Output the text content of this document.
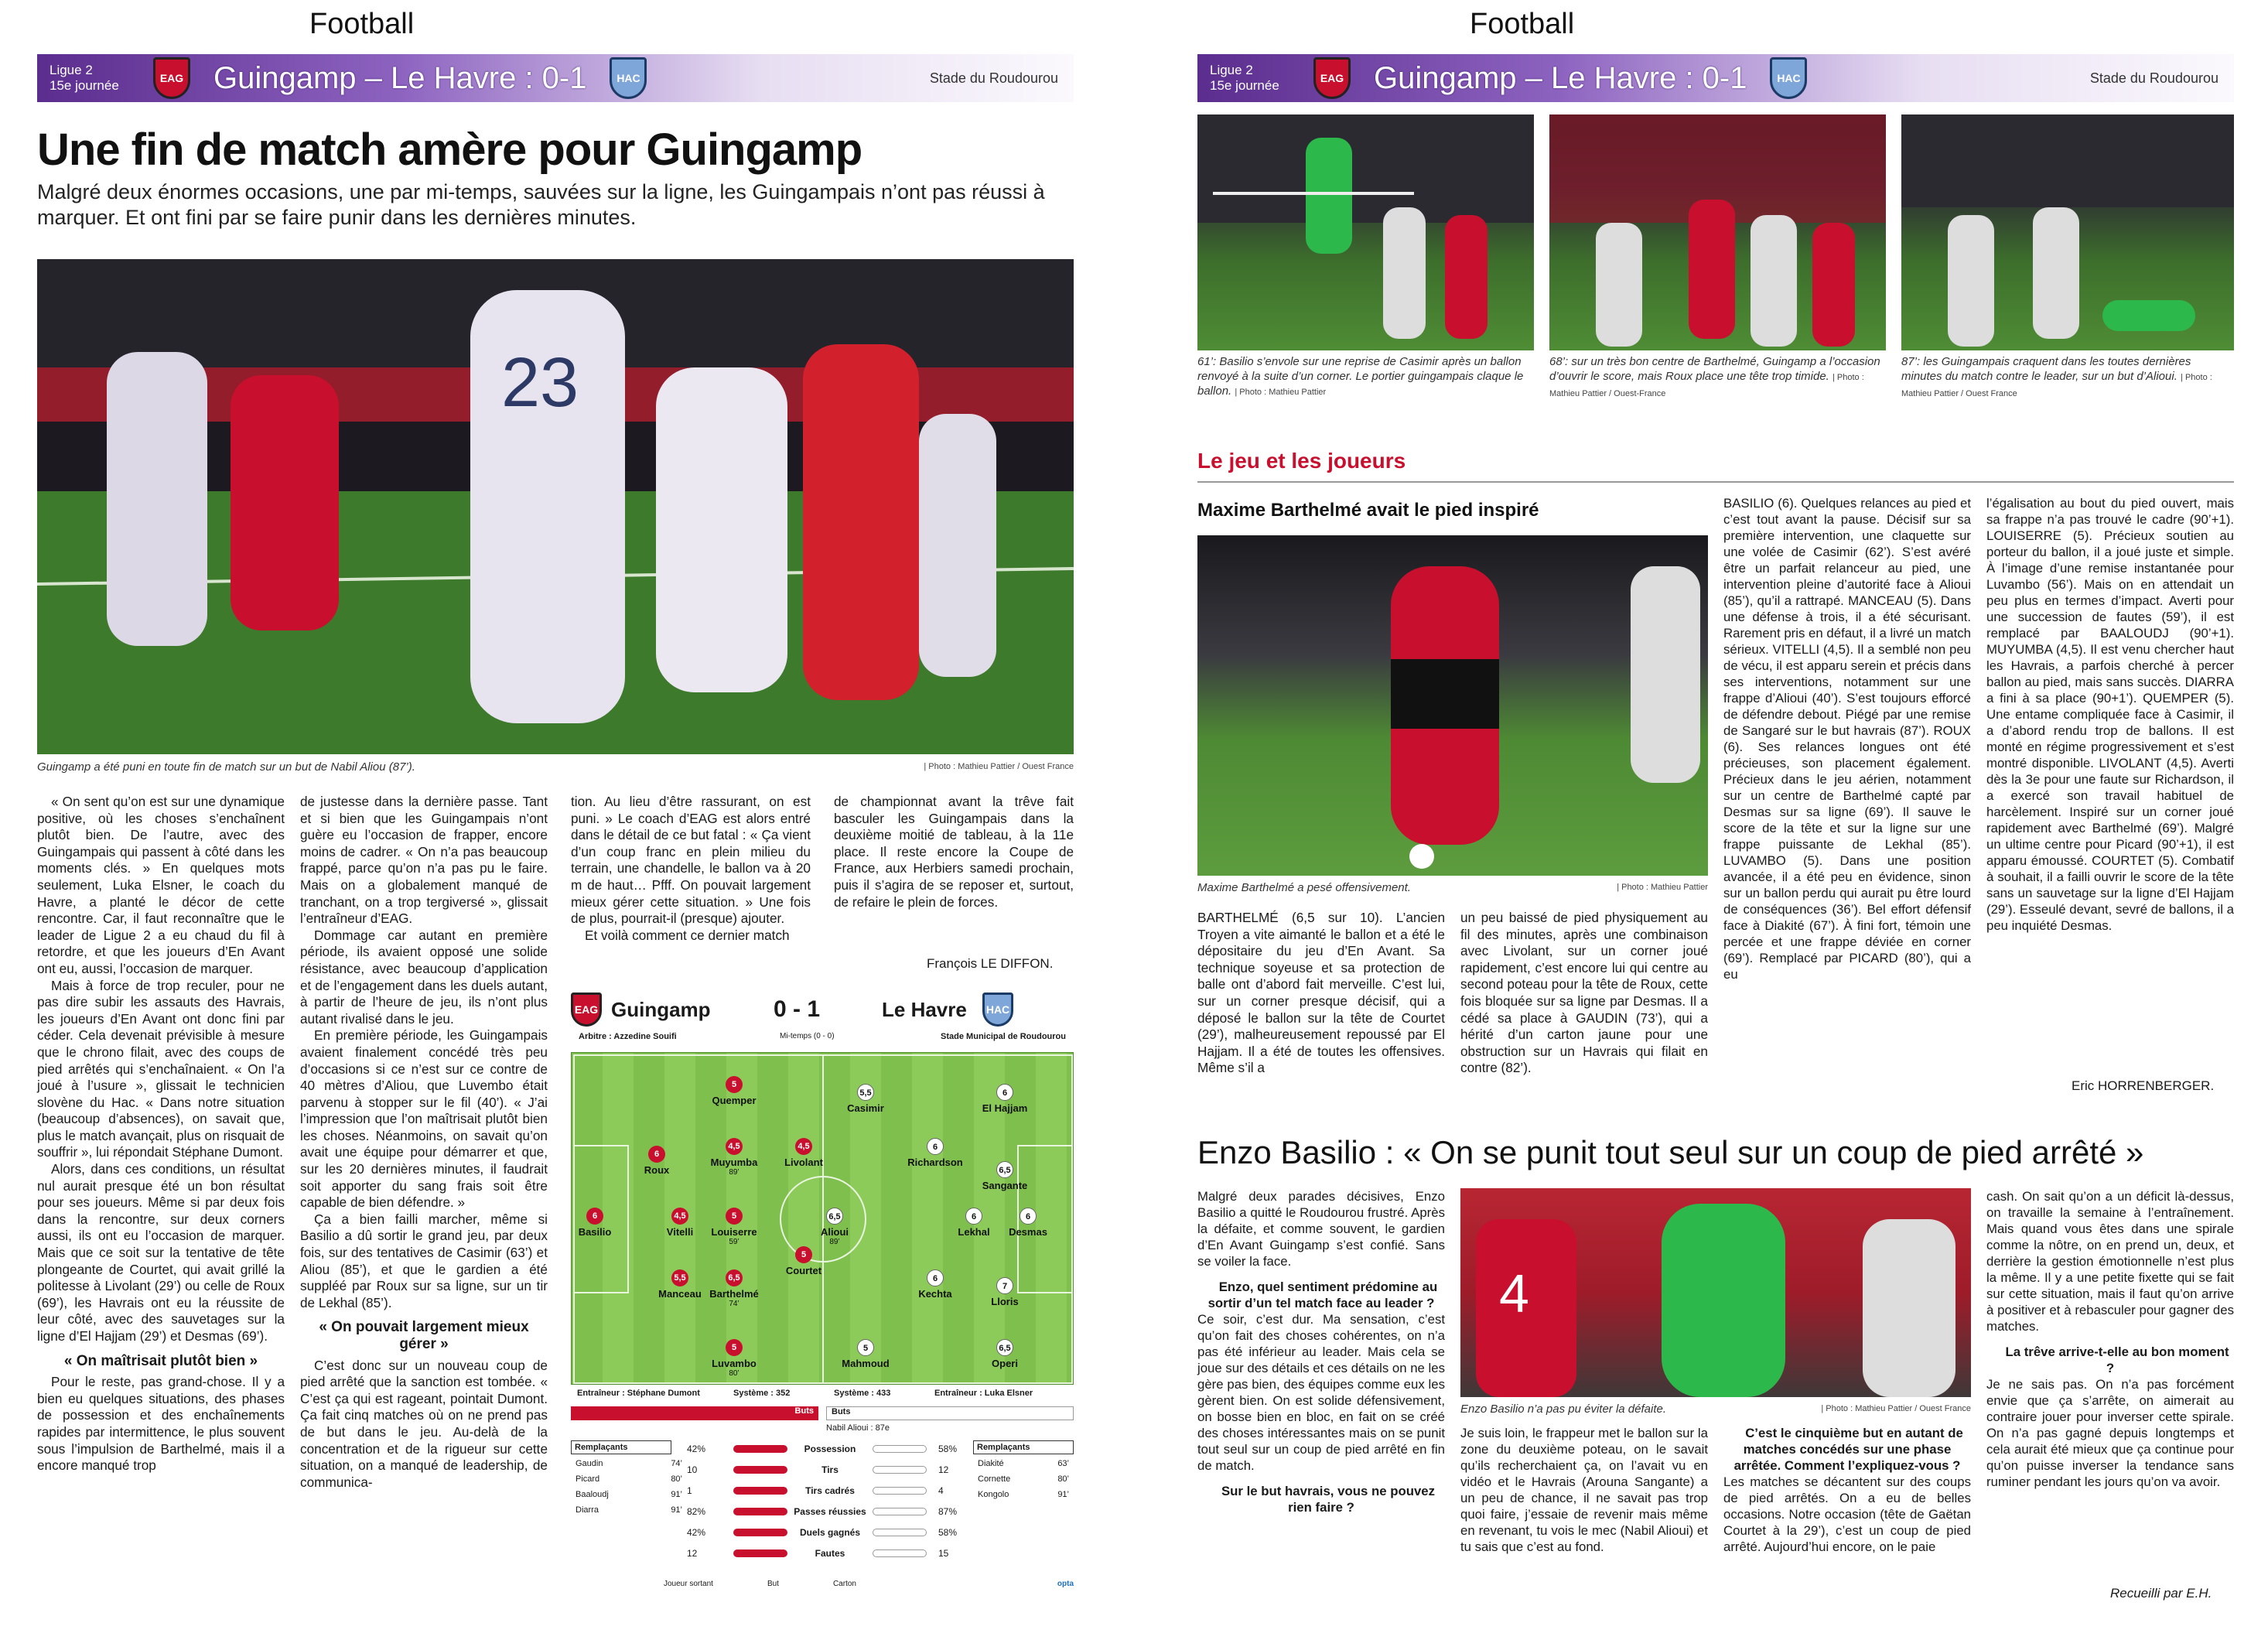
Football
Ligue 2
15e journée	EAG Guingamp – Le Havre : 0-1	HAC	Stade du Roudourou
Une fin de match amère pour Guingamp
Malgré deux énormes occasions, une par mi-temps, sauvées sur la ligne, les Guingampais n’ont pas réussi à marquer. Et ont fini par se faire punir dans les dernières minutes.
23
Guingamp a été puni en toute fin de match sur un but de Nabil Aliou (87’).	| Photo : Mathieu Pattier / Ouest France

« On sent qu’on est sur une dynamique positive, où les choses s’enchaînent plutôt bien. De l’autre, avec des Guingampais qui passent à côté dans les moments clés. » En quelques mots seulement, Luka Elsner, le coach du Havre, a planté le décor de cette rencontre. Car, il faut reconnaître que le leader de Ligue 2 a eu chaud du fil à retordre, et que les joueurs d’En Avant ont eu, aussi, l’occasion de marquer.

Mais à force de trop reculer, pour ne pas dire subir les assauts des Havrais, les joueurs d’En Avant ont donc fini par céder. Cela devenait prévisible à mesure que le chrono filait, avec des coups de pied arrêtés qui s’enchaînaient. « On l’a joué à l’usure », glissait le technicien slovène du Hac. « Dans notre situation (beaucoup d’absences), on savait que, plus le match avançait, plus on risquait de souffrir », lui répondait Stéphane Dumont.

Alors, dans ces conditions, un résultat nul aurait presque été un bon résultat pour ses joueurs. Même si par deux fois dans la rencontre, sur deux corners aussi, ils ont eu l’occasion de marquer. Mais que ce soit sur la tentative de tête plongeante de Courtet, qui avait grillé la politesse à Livolant (29’) ou celle de Roux (69’), les Havrais ont eu la réussite de leur côté, avec des sauvetages sur la ligne d’El Hajjam (29’) et Desmas (69’).

« On maîtrisait plutôt bien »

Pour le reste, pas grand-chose. Il y a bien eu quelques situations, des phases de possession et des enchaînements rapides par intermittence, le plus souvent sous l’impulsion de Barthelmé, mais il a encore manqué trop

de justesse dans la dernière passe. Tant et si bien que les Guingampais n’ont guère eu l’occasion de frapper, encore moins de cadrer. « On n’a pas beaucoup frappé, parce qu’on n’a pas pu le faire. Mais on a globalement manqué de tranchant, on a trop tergiversé », glissait l’entraîneur d’EAG.

Dommage car autant en première période, ils avaient opposé une solide résistance, avec beaucoup d’application et de l’engagement dans les duels autant, à partir de l’heure de jeu, ils n’ont plus autant rivalisé dans le jeu.

En première période, les Guingampais avaient finalement concédé très peu d’occasions si ce n’est sur ce contre de 40 mètres d’Aliou, que Luvembo était parvenu à stopper sur le fil (40’). « J’ai l’impression que l’on maîtrisait plutôt bien les choses. Néanmoins, on savait qu’on avait une équipe pour démarrer et que, sur les 20 dernières minutes, il faudrait soit apporter du sang frais soit être capable de bien défendre. »

Ça a bien failli marcher, même si Basilio a dû sortir le grand jeu, par deux fois, sur des tentatives de Casimir (63’) et Aliou (85’), et que le gardien a été suppléé par Roux sur sa ligne, sur un tir de Lekhal (85’).

« On pouvait largement mieux gérer »

C’est donc sur un nouveau coup de pied arrêté que la sanction est tombée. « C’est ça qui est rageant, pointait Dumont. Ça fait cinq matches où on ne prend pas de but dans le jeu. Au-delà de la concentration et de la rigueur sur cette situation, on a manqué de leadership, de communica-

tion. Au lieu d’être rassurant, on est puni. » Le coach d’EAG est alors entré dans le détail de ce but fatal : « Ça vient d’un coup franc en plein milieu du terrain, une chandelle, le ballon va à 20 m de haut… Pfff. On pouvait largement mieux gérer cette situation. » Une fois de plus, pourrait-il (presque) ajouter.

Et voilà comment ce dernier match

de championnat avant la trêve fait basculer les Guingampais dans la deuxième moitié de tableau, à la 11e place. Il reste encore la Coupe de France, aux Herbiers samedi prochain, puis il s’agira de se reposer et, surtout, de refaire le plein de forces.

François LE DIFFON.
EAG Guingamp	0 - 1	Le Havre	HAC
Arbitre : Azzedine Souifi	Mi-temps (0 - 0)	Stade Municipal de Roudourou
6
Basilio
6
Roux
4,5
Vitelli
5,5
Manceau
5
Quemper
4,5
Muyumba
89’
5
Louiserre
59’
6,5
Barthelmé
74’
5
Luvambo
80’
4,5
Livolant
5
Courtet
6
Desmas
6
El Hajjam
6,5
Sangante
6
Lekhal
7
Lloris
6,5
Operi
6
Richardson
6
Kechta
5
Mahmoud
5,5
Casimir
6,5
Alioui
89’
Entraîneur : Stéphane Dumont	Système : 352	Système : 433	Entraîneur : Luka Elsner
Buts	Buts
Nabil Alioui : 87e
Remplaçants	Remplaçants
Gaudin	74’
Picard	80’
Baaloudj	91’
Diarra	91’
Diakité	63’
Cornette	80’
Kongolo	91’
42%	Possession	58%
10	Tirs	12
1	Tirs cadrés	4
82%	Passes réussies	87%
42%	Duels gagnés	58%
12	Fautes	15
Joueur sortant	But	Carton	opta
Football
Ligue 2
15e journée	EAG Guingamp – Le Havre : 0-1	HAC	Stade du Roudourou
61’: Basilio s’envole sur une reprise de Casimir après un ballon renvoyé à la suite d’un corner. Le portier guingampais claque le ballon. | Photo : Mathieu Pattier
68’: sur un très bon centre de Barthelmé, Guingamp a l’occasion d’ouvrir le score, mais Roux place une tête trop timide. | Photo : Mathieu Pattier / Ouest-France
87’: les Guingampais craquent dans les toutes dernières minutes du match contre le leader, sur un but d’Alioui. | Photo : Mathieu Pattier / Ouest France
Le jeu et les joueurs
Maxime Barthelmé avait le pied inspiré
Maxime Barthelmé a pesé offensivement.	| Photo : Mathieu Pattier

BARTHELMÉ (6,5 sur 10). L’ancien Troyen a vite aimanté le ballon et a été le dépositaire du jeu d’En Avant. Sa technique soyeuse et sa protection de balle ont d’abord fait merveille. C’est lui, sur un corner presque décisif, qui a déposé le ballon sur la tête de Courtet (29’), malheureusement repoussé par El Hajjam. Il a été de toutes les offensives. Même s’il a

un peu baissé de pied physiquement au fil des minutes, après une combinaison avec Livolant, sur un corner joué rapidement, c’est encore lui qui centre au second poteau pour la tête de Roux, cette fois bloquée sur sa ligne par Desmas. Il a cédé sa place à GAUDIN (73’), qui a hérité d’un carton jaune pour une obstruction sur un Havrais qui filait en contre (82’).

BASILIO (6). Quelques relances au pied et c’est tout avant la pause. Décisif sur sa première intervention, une claquette sur une volée de Casimir (62’). S’est avéré être un parfait relanceur au pied, une intervention pleine d’autorité face à Alioui (85’), qu’il a rattrapé. MANCEAU (5). Dans une défense à trois, il a été sécurisant. Rarement pris en défaut, il a livré un match sérieux. VITELLI (4,5). Il a semblé non peu de vécu, il est apparu serein et précis dans ses interventions, notamment sur une frappe d’Alioui (40’). S’est toujours efforcé de défendre debout. Piégé par une remise de Sangaré sur le but havrais (87’). ROUX (6). Ses relances longues ont été précieuses, son placement également. Précieux dans le jeu aérien, notamment sur un centre de Barthelmé capté par Desmas sur sa ligne (69’). Il sauve le score de la tête et sur la ligne sur une frappe puissante de Lekhal (85’). LUVAMBO (5). Dans une position avancée, il a été peu en évidence, sinon sur un ballon perdu qui aurait pu être lourd de conséquences (36’). Bel effort défensif face à Diakité (67’). À fini fort, témoin une percée et une frappe déviée en corner (69’). Remplacé par PICARD (80’), qui a eu

l’égalisation au bout du pied ouvert, mais sa frappe n’a pas trouvé le cadre (90’+1). LOUISERRE (5). Précieux soutien au porteur du ballon, il a joué juste et simple. À l’image d’une remise instantanée pour Luvambo (56’). Mais on en attendait un peu plus en termes d’impact. Averti pour une succession de fautes (59’), il est remplacé par BAALOUDJ (90’+1). MUYUMBA (4,5). Il est venu chercher haut les Havrais, a parfois cherché à percer ballon au pied, mais sans succès. DIARRA a fini à sa place (90+1’). QUEMPER (5). Une entame compliquée face à Casimir, il a d’abord rendu trop de ballons. Il est monté en régime progressivement et s’est montré disponible. LIVOLANT (4,5). Averti dès la 3e pour une faute sur Richardson, il a exercé son travail habituel de harcèlement. Inspiré sur un corner joué rapidement avec Barthelmé (69’). Malgré un ultime centre pour Picard (90’+1), il est apparu émoussé. COURTET (5). Combatif à souhait, il a failli ouvrir le score de la tête sans un sauvetage sur la ligne d’El Hajjam (29’). Esseulé devant, sevré de ballons, il a peu inquiété Desmas.

Eric HORRENBERGER.
Enzo Basilio : « On se punit tout seul sur un coup de pied arrêté »

Malgré deux parades décisives, Enzo Basilio a quitté le Roudourou frustré. Après la défaite, et comme souvent, le gardien d’En Avant Guingamp s’est confié. Sans se voiler la face.

Enzo, quel sentiment prédomine au sortir d’un tel match face au leader ?

Ce soir, c’est dur. Ma sensation, c’est qu’on fait des choses cohérentes, on n’a pas été inférieur au leader. Mais cela se joue sur des détails et ces détails on ne les gère pas bien, des équipes comme eux les gèrent bien. On est solide défensivement, on bosse bien en bloc, en fait on se créé des choses intéressantes mais on se punit tout seul sur un coup de pied arrêté en fin de match.

Sur le but havrais, vous ne pouvez rien faire ?

4
Enzo Basilio n’a pas pu éviter la défaite.	| Photo : Mathieu Pattier / Ouest France

Je suis loin, le frappeur met le ballon sur la zone du deuxième poteau, on le savait qu’ils recherchaient ça, on l’avait vu en vidéo et le Havrais (Arouna Sangante) a un peu de chance, il ne savait pas trop quoi faire, j’essaie de revenir mais même en revenant, tu vois le mec (Nabil Alioui) et tu sais que c’est au fond.

C’est le cinquième but en autant de matches concédés sur une phase arrêtée. Comment l’expliquez-vous ?

Les matches se décantent sur des coups de pied arrêtés. On a eu de belles occasions. Notre occasion (tête de Gaëtan Courtet à la 29’), c’est un coup de pied arrêté. Aujourd’hui encore, on le paie

cash. On sait qu’on a un déficit là-dessus, on travaille la semaine à l’entraînement. Mais quand vous êtes dans une spirale comme la nôtre, on en prend un, deux, et derrière la gestion émotionnelle n’est plus la même. Il y a une petite fixette qui se fait sur cette situation, mais il faut qu’on arrive à positiver et à rebasculer pour gagner des matches.

La trêve arrive-t-elle au bon moment ?

Je ne sais pas. On n’a pas forcément envie que ça s’arrête, on aimerait au contraire jouer pour inverser cette spirale. On n’a pas gagné depuis longtemps et cela aurait été mieux que ça continue pour qu’on puisse inverser la tendance sans ruminer pendant les jours qu’on va avoir.

Recueilli par E.H.
